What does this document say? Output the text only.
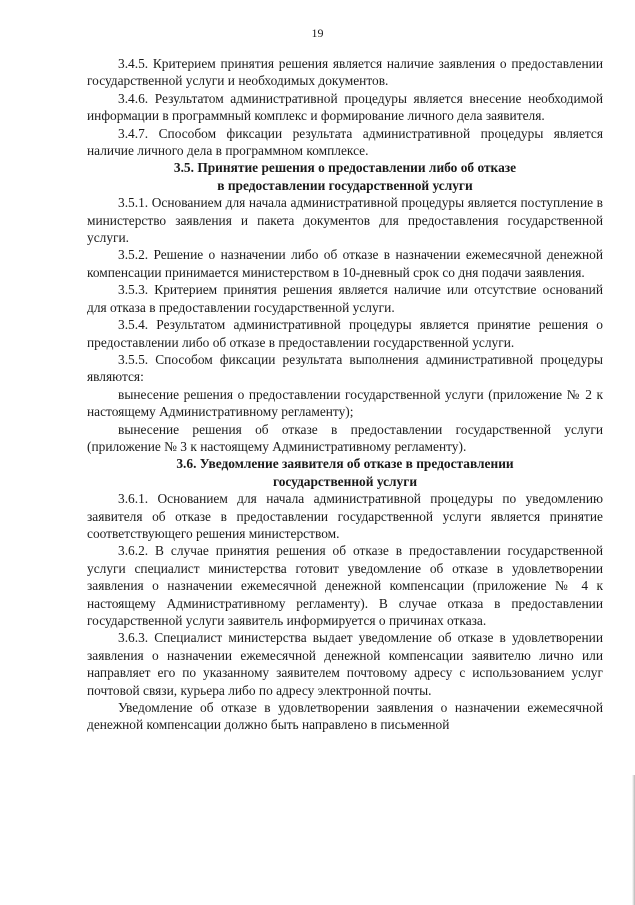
19

3.4.5. Критерием принятия решения является наличие заявления о предоставлении государственной услуги и необходимых документов.

3.4.6. Результатом административной процедуры является внесение необходимой информации в программный комплекс и формирование личного дела заявителя.

3.4.7. Способом фиксации результата административной процедуры является наличие личного дела в программном комплексе.

3.5. Принятие решения о предоставлении либо об отказе

в предоставлении государственной услуги

3.5.1. Основанием для начала административной процедуры является поступление в министерство заявления и пакета документов для предоставления государственной услуги.

3.5.2. Решение о назначении либо об отказе в назначении ежемесячной денежной компенсации принимается министерством в 10-дневный срок со дня подачи заявления.

3.5.3. Критерием принятия решения является наличие или отсутствие оснований для отказа в предоставлении государственной услуги.

3.5.4. Результатом административной процедуры является принятие решения о предоставлении либо об отказе в предоставлении государственной услуги.

3.5.5. Способом фиксации результата выполнения административной процедуры являются:

вынесение решения о предоставлении государственной услуги (приложение № 2 к настоящему Административному регламенту);

вынесение решения об отказе в предоставлении государственной услуги (приложение № 3 к настоящему Административному регламенту).

3.6. Уведомление заявителя об отказе в предоставлении

государственной услуги

3.6.1. Основанием для начала административной процедуры по уведомлению заявителя об отказе в предоставлении государственной услуги является принятие соответствующего решения министерством.

3.6.2. В случае принятия решения об отказе в предоставлении государственной услуги специалист министерства готовит уведомление об отказе в удовлетворении заявления о назначении ежемесячной денежной компенсации (приложение № 4 к настоящему Административному регламенту). В случае отказа в предоставлении государственной услуги заявитель информируется о причинах отказа.

3.6.3. Специалист министерства выдает уведомление об отказе в удовлетворении заявления о назначении ежемесячной денежной компенсации заявителю лично или направляет его по указанному заявителем почтовому адресу с использованием услуг почтовой связи, курьера либо по адресу электронной почты.

Уведомление об отказе в удовлетворении заявления о назначении ежемесячной денежной компенсации должно быть направлено в письменной
